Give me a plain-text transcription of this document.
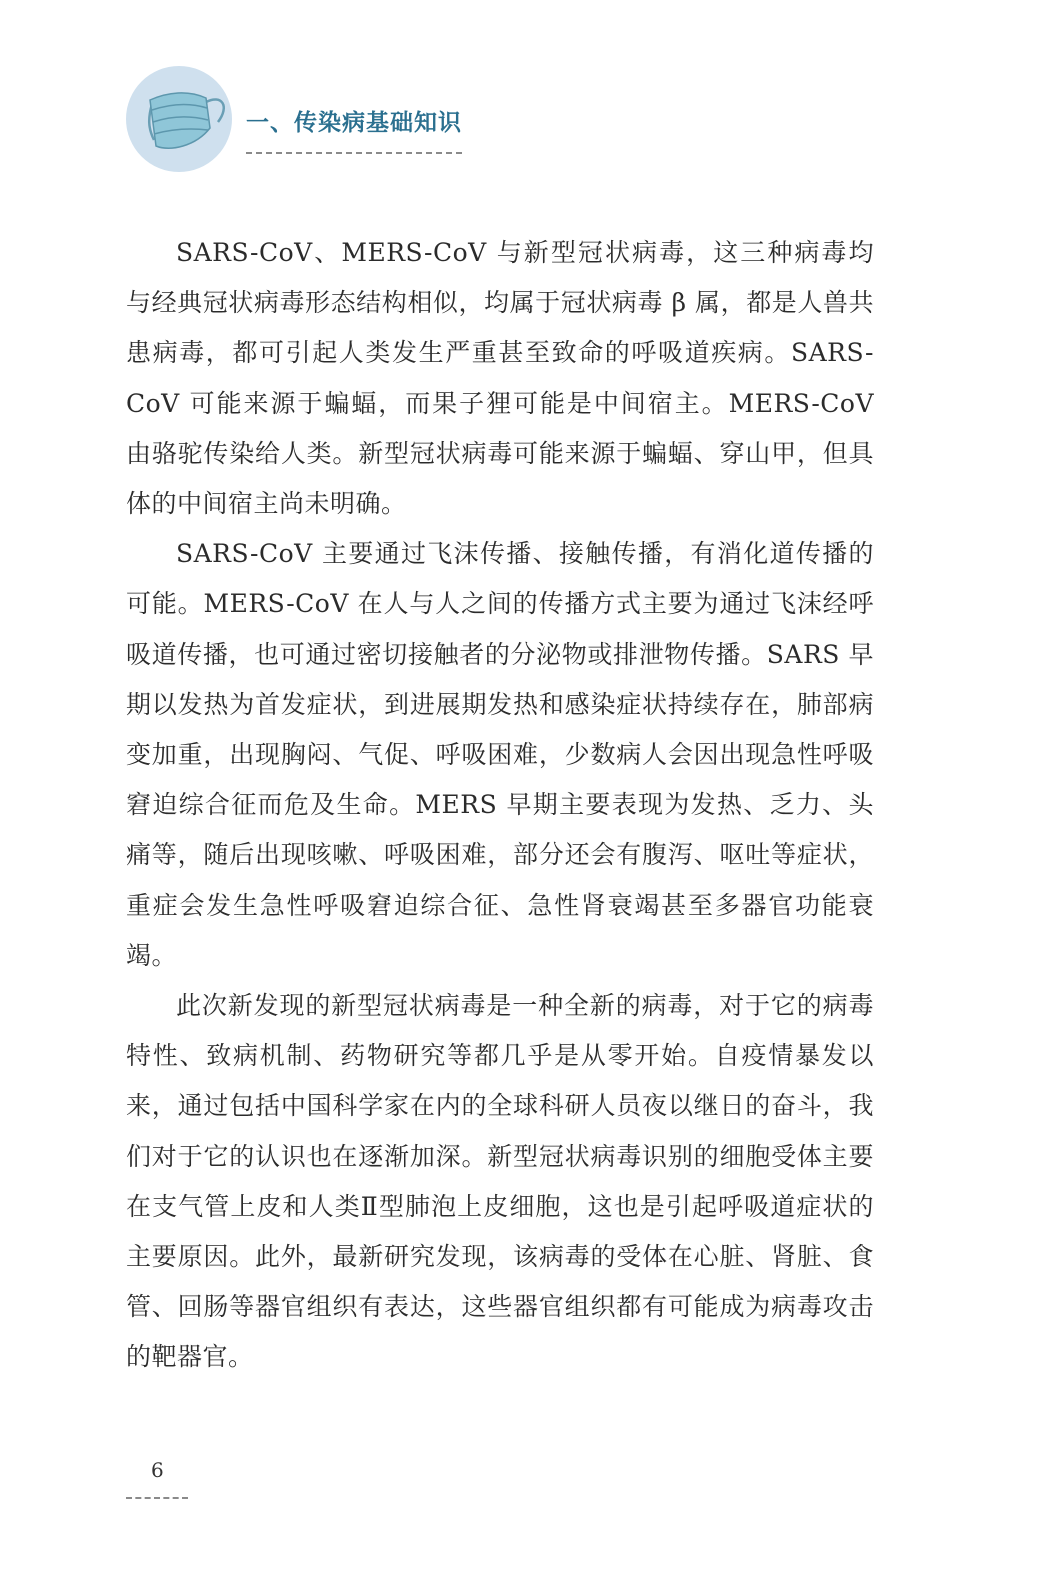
一、传染病基础知识

SARS-CoV、MERS-CoV 与新型冠状病毒，这三种病毒均与经典冠状病毒形态结构相似，均属于冠状病毒 β 属，都是人兽共患病毒，都可引起人类发生严重甚至致命的呼吸道疾病。SARS-CoV 可能来源于蝙蝠，而果子狸可能是中间宿主。MERS-CoV 由骆驼传染给人类。新型冠状病毒可能来源于蝙蝠、穿山甲，但具体的中间宿主尚未明确。

SARS-CoV 主要通过飞沫传播、接触传播，有消化道传播的可能。MERS-CoV 在人与人之间的传播方式主要为通过飞沫经呼吸道传播，也可通过密切接触者的分泌物或排泄物传播。SARS 早期以发热为首发症状，到进展期发热和感染症状持续存在，肺部病变加重，出现胸闷、气促、呼吸困难，少数病人会因出现急性呼吸窘迫综合征而危及生命。MERS 早期主要表现为发热、乏力、头痛等，随后出现咳嗽、呼吸困难，部分还会有腹泻、呕吐等症状，重症会发生急性呼吸窘迫综合征、急性肾衰竭甚至多器官功能衰竭。

此次新发现的新型冠状病毒是一种全新的病毒，对于它的病毒特性、致病机制、药物研究等都几乎是从零开始。自疫情暴发以来，通过包括中国科学家在内的全球科研人员夜以继日的奋斗，我们对于它的认识也在逐渐加深。新型冠状病毒识别的细胞受体主要在支气管上皮和人类Ⅱ型肺泡上皮细胞，这也是引起呼吸道症状的主要原因。此外，最新研究发现，该病毒的受体在心脏、肾脏、食管、回肠等器官组织有表达，这些器官组织都有可能成为病毒攻击的靶器官。

6
